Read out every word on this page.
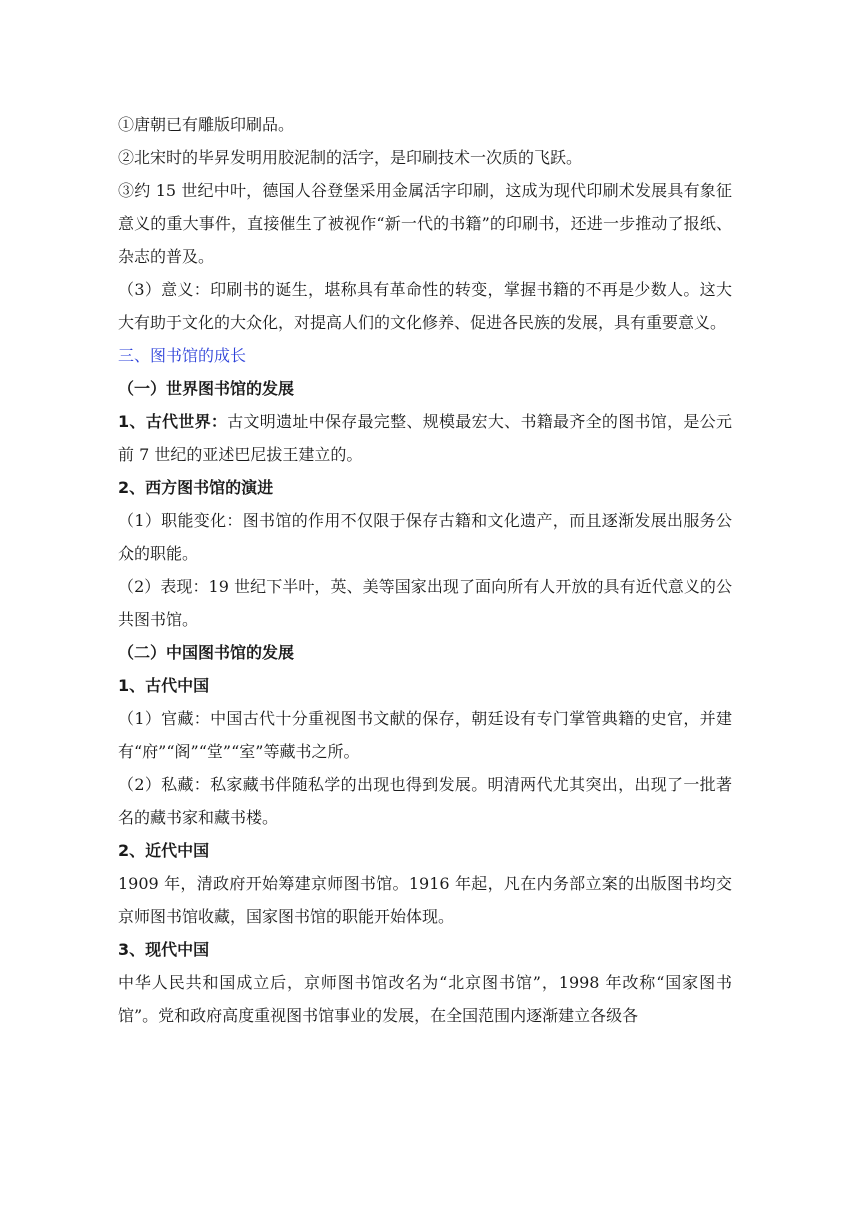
①唐朝已有雕版印刷品。

②北宋时的毕昇发明用胶泥制的活字，是印刷技术一次质的飞跃。

③约 15 世纪中叶，德国人谷登堡采用金属活字印刷，这成为现代印刷术发展具有象征意义的重大事件，直接催生了被视作“新一代的书籍”的印刷书，还进一步推动了报纸、杂志的普及。

（3）意义：印刷书的诞生，堪称具有革命性的转变，掌握书籍的不再是少数人。这大大有助于文化的大众化，对提高人们的文化修养、促进各民族的发展，具有重要意义。

三、图书馆的成长

（一）世界图书馆的发展

1、古代世界：古文明遗址中保存最完整、规模最宏大、书籍最齐全的图书馆，是公元前 7 世纪的亚述巴尼拔王建立的。

2、西方图书馆的演进

（1）职能变化：图书馆的作用不仅限于保存古籍和文化遗产，而且逐渐发展出服务公众的职能。

（2）表现：19 世纪下半叶，英、美等国家出现了面向所有人开放的具有近代意义的公共图书馆。

（二）中国图书馆的发展

1、古代中国

（1）官藏：中国古代十分重视图书文献的保存，朝廷设有专门掌管典籍的史官，并建有“府”“阁”“堂”“室”等藏书之所。

（2）私藏：私家藏书伴随私学的出现也得到发展。明清两代尤其突出，出现了一批著名的藏书家和藏书楼。

2、近代中国

1909 年，清政府开始筹建京师图书馆。1916 年起，凡在内务部立案的出版图书均交京师图书馆收藏，国家图书馆的职能开始体现。

3、现代中国

中华人民共和国成立后，京师图书馆改名为“北京图书馆”，1998 年改称“国家图书馆”。党和政府高度重视图书馆事业的发展，在全国范围内逐渐建立各级各
